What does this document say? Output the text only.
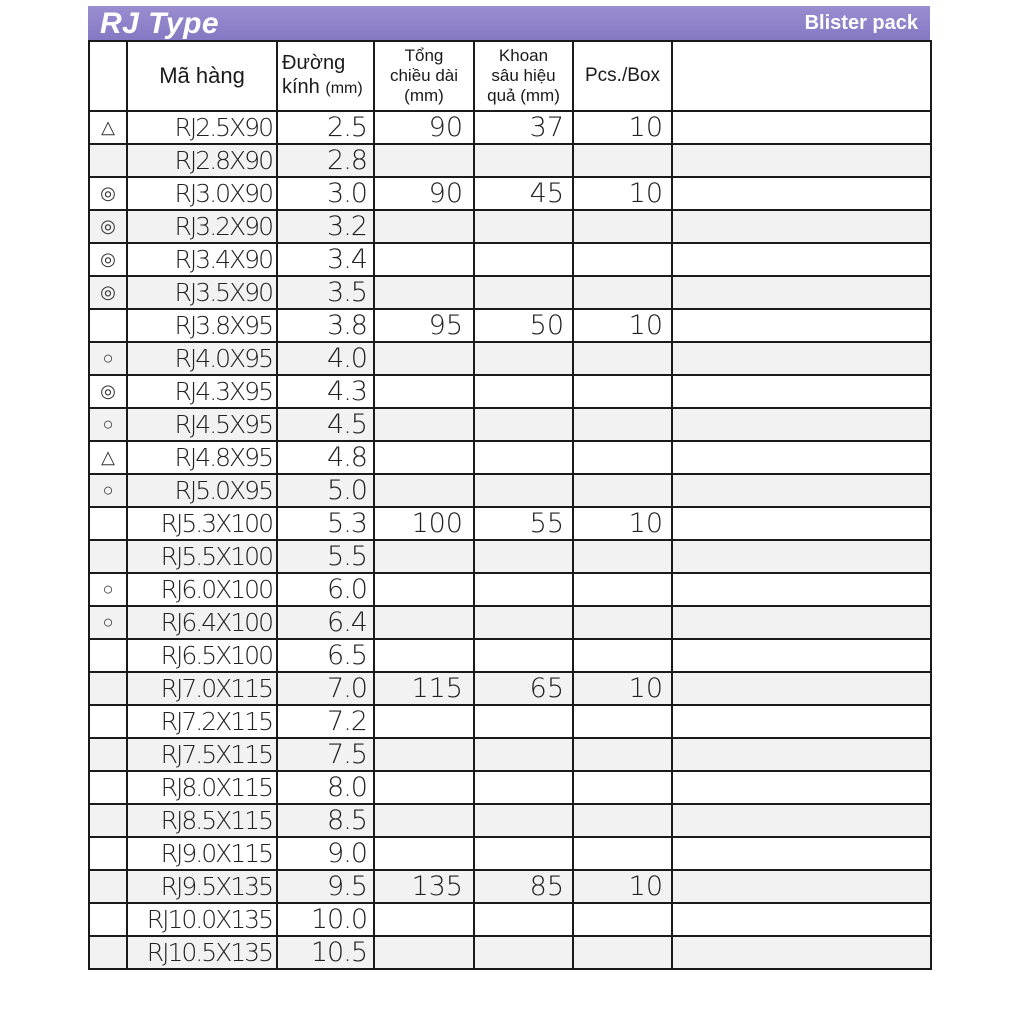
RJ Type	Blister pack
	Mã hàng	Đường
kính (mm)	Tổng
chiều dài
(mm)	Khoan
sâu hiệu
quả (mm)	Pcs./Box	
△	RJ2.5X90	2.5	90	37	10	
	RJ2.8X90	2.8				
◎	RJ3.0X90	3.0	90	45	10	
◎	RJ3.2X90	3.2				
◎	RJ3.4X90	3.4				
◎	RJ3.5X90	3.5				
	RJ3.8X95	3.8	95	50	10	
○	RJ4.0X95	4.0				
◎	RJ4.3X95	4.3				
○	RJ4.5X95	4.5				
△	RJ4.8X95	4.8				
○	RJ5.0X95	5.0				
	RJ5.3X100	5.3	100	55	10	
	RJ5.5X100	5.5				
○	RJ6.0X100	6.0				
○	RJ6.4X100	6.4				
	RJ6.5X100	6.5				
	RJ7.0X115	7.0	115	65	10	
	RJ7.2X115	7.2				
	RJ7.5X115	7.5				
	RJ8.0X115	8.0				
	RJ8.5X115	8.5				
	RJ9.0X115	9.0				
	RJ9.5X135	9.5	135	85	10	
	RJ10.0X135	10.0				
	RJ10.5X135	10.5				
